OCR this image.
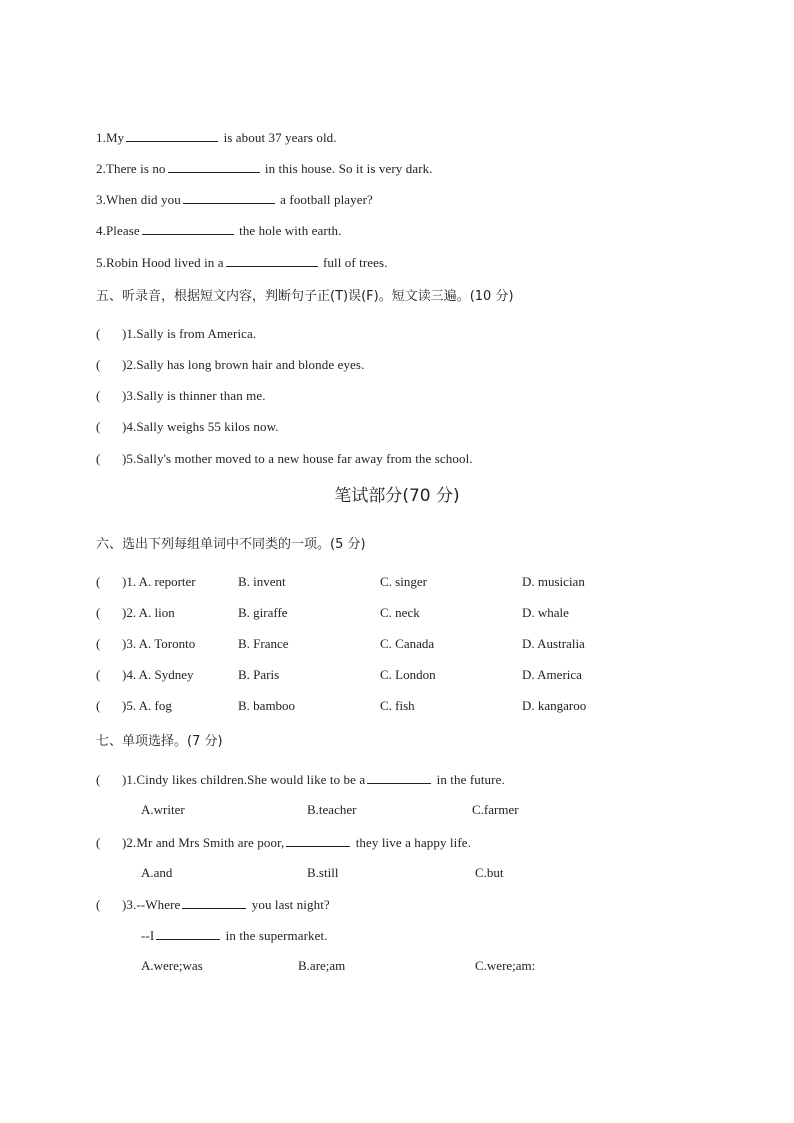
1.My	is about 37 years old.
2.There is no	in this house. So it is very dark.
3.When did you	a football player?
4.Please	the hole with earth.
5.Robin Hood lived in a	full of trees.
五、听录音，根据短文内容，判断句子正(T)误(F)。短文读三遍。(10 分)
( )1.Sally is from America.
( )2.Sally has long brown hair and blonde eyes.
( )3.Sally is thinner than me.
( )4.Sally weighs 55 kilos now.
( )5.Sally's mother moved to a new house far away from the school.
笔试部分(70 分)
六、选出下列每组单词中不同类的一项。(5 分)
( )1. A. reporter	B. invent	C. singer	D. musician
( )2. A. lion	B. giraffe	C. neck	D. whale
( )3. A. Toronto	B. France	C. Canada	D. Australia
( )4. A. Sydney	B. Paris	C. London	D. America
( )5. A. fog	B. bamboo	C. fish	D. kangaroo
七、单项选择。(7 分)
( )1.Cindy likes children.She would like to be a	in the future.
A.writer	B.teacher	C.farmer
( )2.Mr and Mrs Smith are poor,	they live a happy life.
A.and	B.still	C.but
( )3.--Where	you last night?
--I	in the supermarket.
A.were;was	B.are;am	C.were;am:
